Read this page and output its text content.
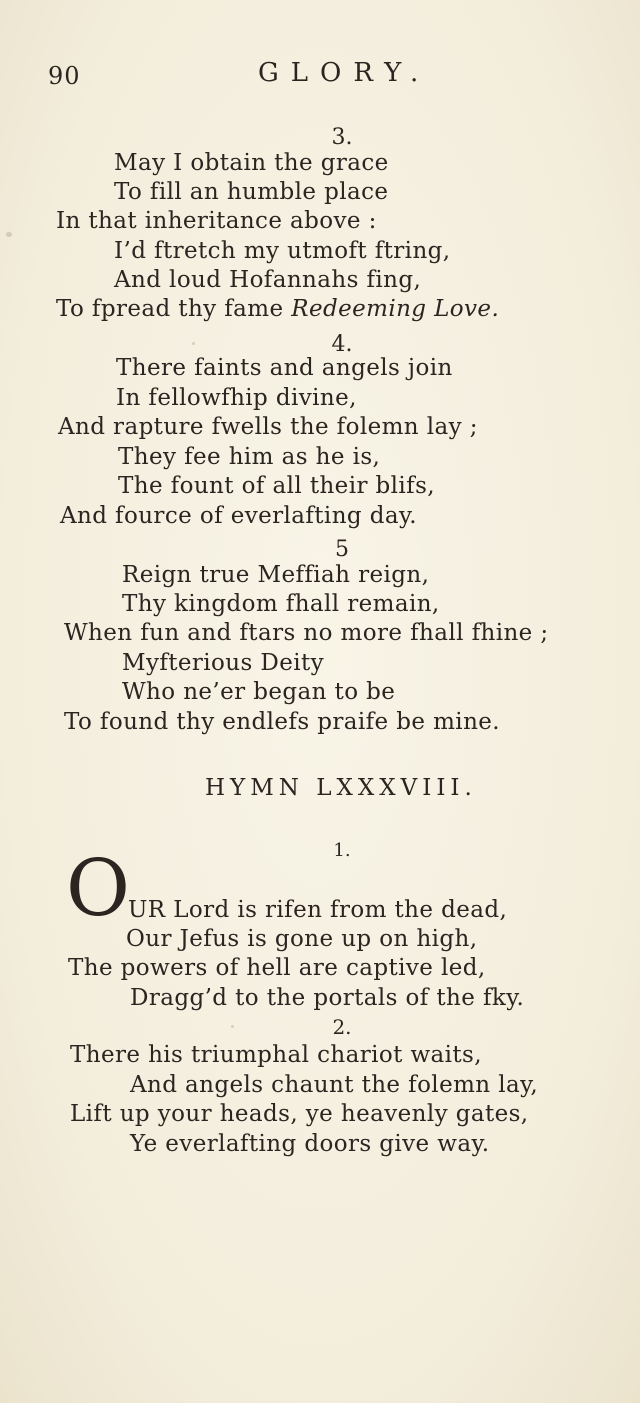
90	GLORY.
3.
May I obtain the grace
To fill an humble place
In that inheritance above :
I’d ftretch my utmoft ftring,
And loud Hofannahs fing,
To fpread thy fame Redeeming Love.
4.
There faints and angels join
In fellowfhip divine,
And rapture fwells the folemn lay ;
They fee him as he is,
The fount of all their blifs,
And fource of everlafting day.
5
Reign true Meffiah reign,
Thy kingdom fhall remain,
When fun and ftars no more fhall fhine ;
Myfterious Deity
Who ne’er began to be
To found thy endlefs praife be mine.
HYMN LXXXVIII.
1.
O
UR Lord is rifen from the dead,
Our Jefus is gone up on high,
The powers of hell are captive led,
Dragg’d to the portals of the fky.
2.
There his triumphal chariot waits,
And angels chaunt the folemn lay,
Lift up your heads, ye heavenly gates,
Ye everlafting doors give way.
